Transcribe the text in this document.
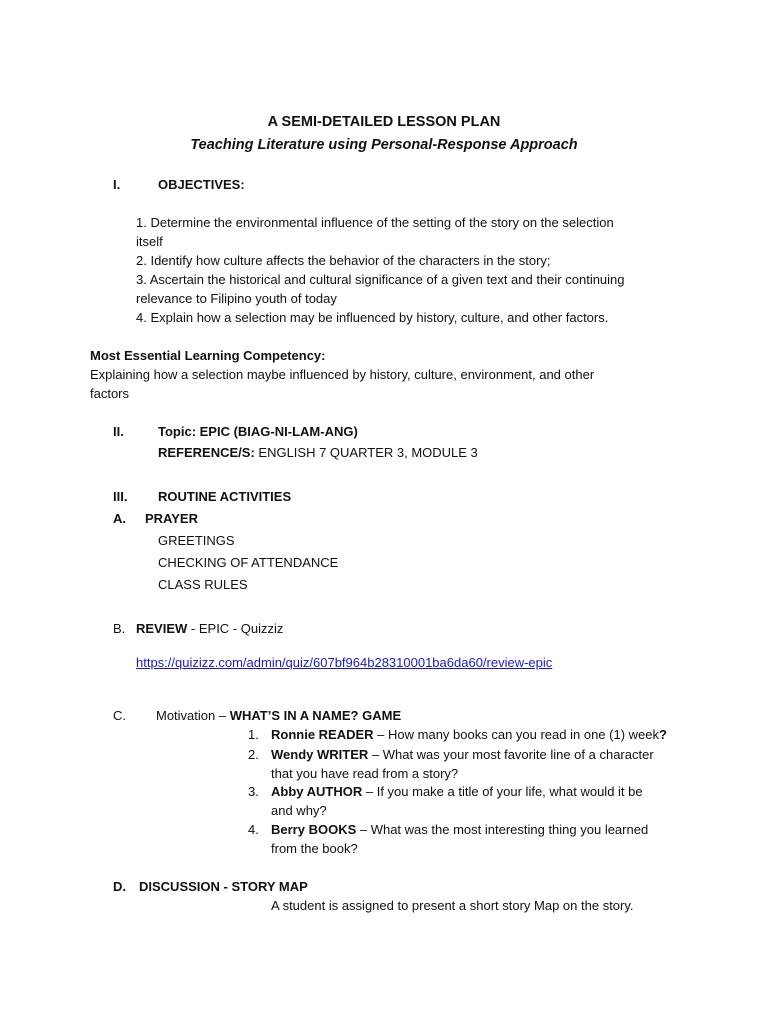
A SEMI-DETAILED LESSON PLAN
Teaching Literature using Personal-Response Approach
I.	OBJECTIVES:
1. Determine the environmental influence of the setting of the story on the selection
itself
2. Identify how culture affects the behavior of the characters in the story;
3. Ascertain the historical and cultural significance of a given text and their continuing
relevance to Filipino youth of today
4. Explain how a selection may be influenced by history, culture, and other factors.
Most Essential Learning Competency:
Explaining how a selection maybe influenced by history, culture, environment, and other
factors
II.	Topic: EPIC (BIAG-NI-LAM-ANG)
REFERENCE/S: ENGLISH 7 QUARTER 3, MODULE 3
III. ROUTINE ACTIVITIES
A. PRAYER
GREETINGS
CHECKING OF ATTENDANCE
CLASS RULES
B. REVIEW - EPIC - Quizziz
https://quizizz.com/admin/quiz/607bf964b28310001ba6da60/review-epic
C. Motivation – WHAT’S IN A NAME? GAME
1. Ronnie READER – How many books can you read in one (1) week?
2. Wendy WRITER – What was your most favorite line of a character
that you have read from a story?
3. Abby AUTHOR – If you make a title of your life, what would it be
and why?
4. Berry BOOKS – What was the most interesting thing you learned
from the book?
D. DISCUSSION - STORY MAP
A student is assigned to present a short story Map on the story.
